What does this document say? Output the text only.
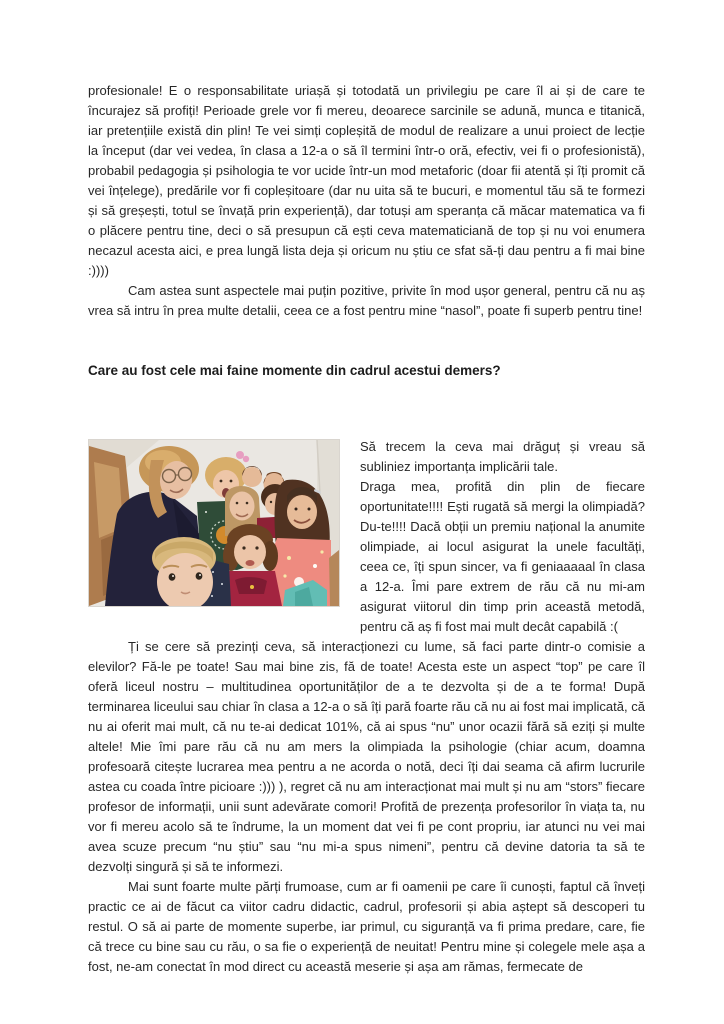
profesionale! E o responsabilitate uriașă și totodată un privilegiu pe care îl ai și de care te încurajez să profiți! Perioade grele vor fi mereu, deoarece sarcinile se adună, munca e titanică, iar pretențiile există din plin! Te vei simți copleșită de modul de realizare a unui proiect de lecție la început (dar vei vedea, în clasa a 12-a o să îl termini într-o oră, efectiv, vei fi o profesionistă), probabil pedagogia și psihologia te vor ucide într-un mod metaforic (doar fii atentă și îți promit că vei înțelege), predările vor fi copleșitoare (dar nu uita să te bucuri, e momentul tău să te formezi și să greșești, totul se învață prin experiență), dar totuși am speranța că măcar matematica va fi o plăcere pentru tine, deci o să presupun că ești ceva matematiciană de top și nu voi enumera necazul acesta aici, e prea lungă lista deja și oricum nu știu ce sfat să-ți dau pentru a fi mai bine :))))

Cam astea sunt aspectele mai puțin pozitive, privite în mod ușor general, pentru că nu aș vrea să intru în prea multe detalii, ceea ce a fost pentru mine “nasol”, poate fi superb pentru tine!

Care au fost cele mai faine momente din cadrul acestui demers?

Să trecem la ceva mai drăguț și vreau să subliniez importanța implicării tale.

Draga mea, profită din plin de fiecare oportunitate!!!! Ești rugată să mergi la olimpiadă? Du-te!!!! Dacă obții un premiu național la anumite olimpiade, ai locul asigurat la unele facultăți, ceea ce, îți spun sincer, va fi geniaaaaal în clasa a 12-a. Îmi pare extrem de rău că nu mi-am asigurat viitorul din timp prin această metodă, pentru că aș fi fost mai mult decât capabilă :(

Ți se cere să prezinți ceva, să interacționezi cu lume, să faci parte dintr-o comisie a elevilor? Fă-le pe toate! Sau mai bine zis, fă de toate! Acesta este un aspect “top” pe care îl oferă liceul nostru – multitudinea oportunităților de a te dezvolta și de a te forma! După terminarea liceului sau chiar în clasa a 12-a o să îți pară foarte rău că nu ai fost mai implicată, că nu ai oferit mai mult, că nu te-ai dedicat 101%, că ai spus “nu” unor ocazii fără să eziți și multe altele! Mie îmi pare rău că nu am mers la olimpiada la psihologie (chiar acum, doamna profesoară citește lucrarea mea pentru a ne acorda o notă, deci îți dai seama că afirm lucrurile astea cu coada între picioare :))) ), regret că nu am interacționat mai mult și nu am “stors” fiecare profesor de informații, unii sunt adevărate comori! Profită de prezența profesorilor în viața ta, nu vor fi mereu acolo să te îndrume, la un moment dat vei fi pe cont propriu, iar atunci nu vei mai avea scuze precum “nu știu” sau “nu mi-a spus nimeni”, pentru că devine datoria ta să te dezvolți singură și să te informezi.

Mai sunt foarte multe părți frumoase, cum ar fi oamenii pe care îi cunoști, faptul că înveți practic ce ai de făcut ca viitor cadru didactic, cadrul, profesorii și abia aștept să descoperi tu restul. O să ai parte de momente superbe, iar primul, cu siguranță va fi prima predare, care, fie că trece cu bine sau cu rău, o sa fie o experiență de neuitat! Pentru mine și colegele mele așa a fost, ne-am conectat în mod direct cu această meserie și așa am rămas, fermecate de
